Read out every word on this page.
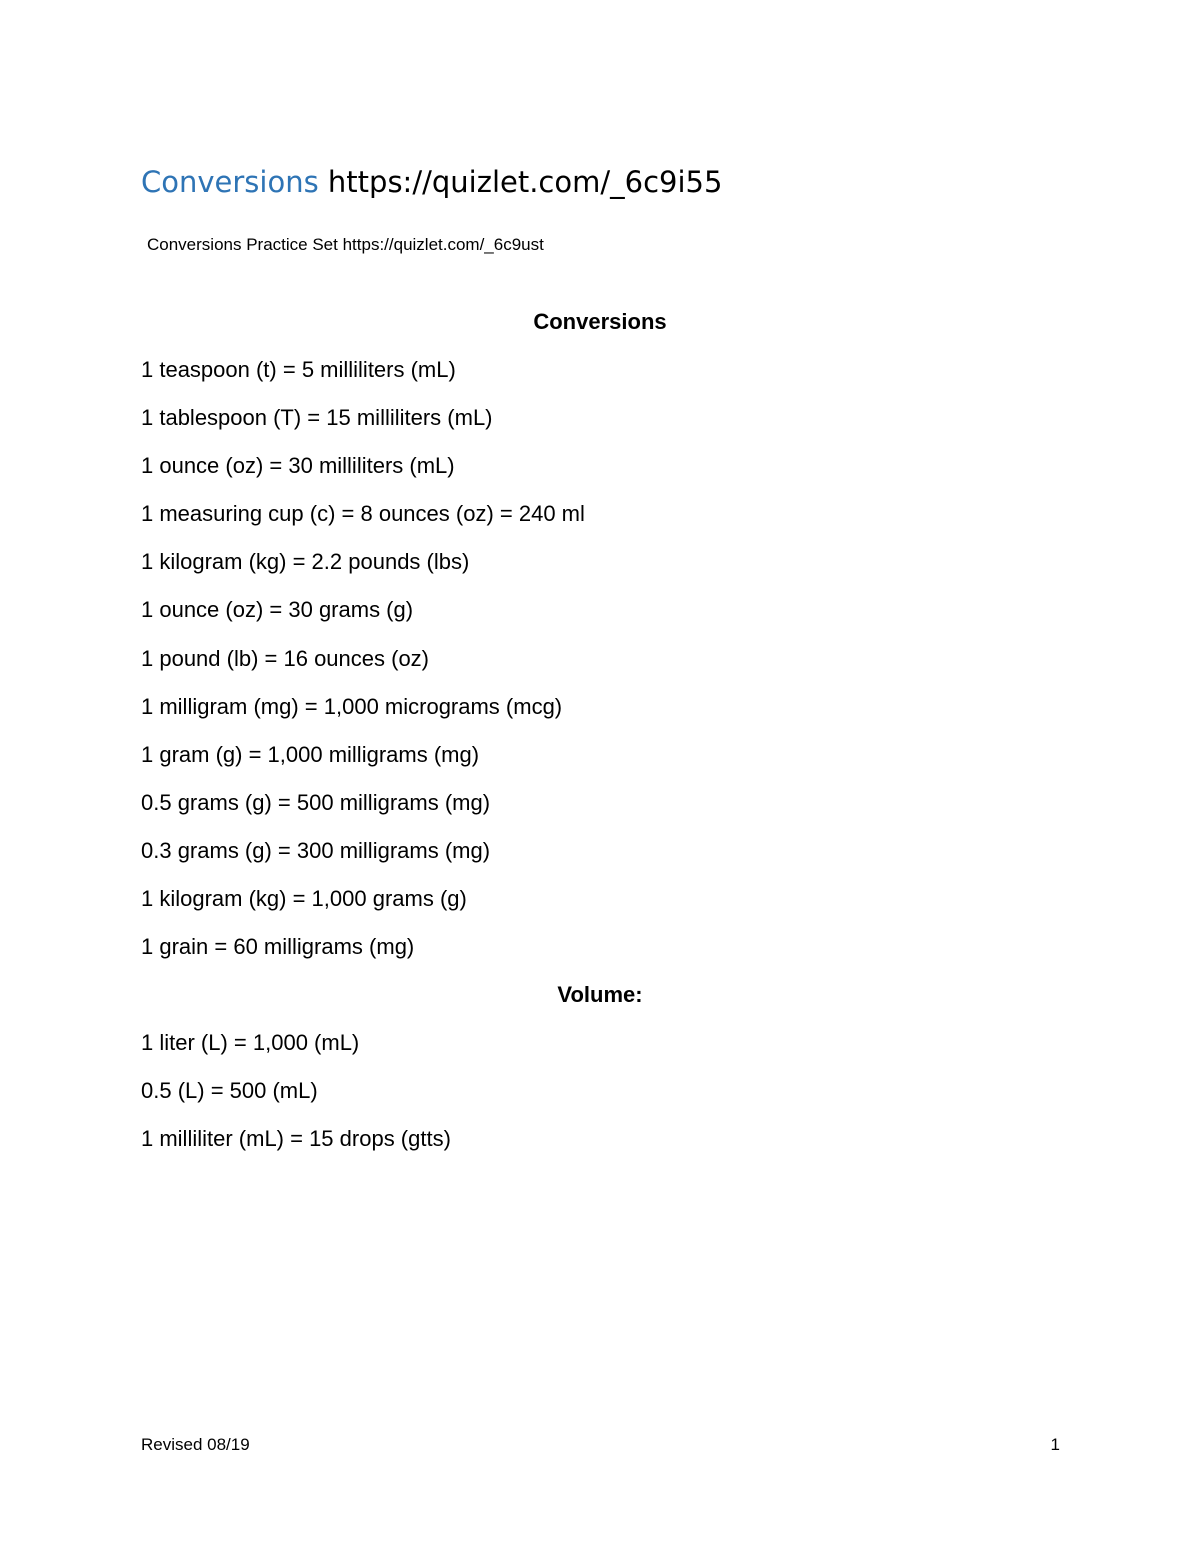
Conversions https://quizlet.com/_6c9i55
Conversions Practice Set https://quizlet.com/_6c9ust
Conversions
1 teaspoon (t) = 5 milliliters (mL)
1 tablespoon (T) = 15 milliliters (mL)
1 ounce (oz) = 30 milliliters (mL)
1 measuring cup (c) = 8 ounces (oz) = 240 ml
1 kilogram (kg) = 2.2 pounds (lbs)
1 ounce (oz) = 30 grams (g)
1 pound (lb) = 16 ounces (oz)
1 milligram (mg) = 1,000 micrograms (mcg)
1 gram (g) = 1,000 milligrams (mg)
0.5 grams (g) = 500 milligrams (mg)
0.3 grams (g) = 300 milligrams (mg)
1 kilogram (kg) = 1,000 grams (g)
1 grain = 60 milligrams (mg)
Volume:
1 liter (L) = 1,000 (mL)
0.5 (L) = 500 (mL)
1 milliliter (mL) = 15 drops (gtts)
Revised 08/19	1
